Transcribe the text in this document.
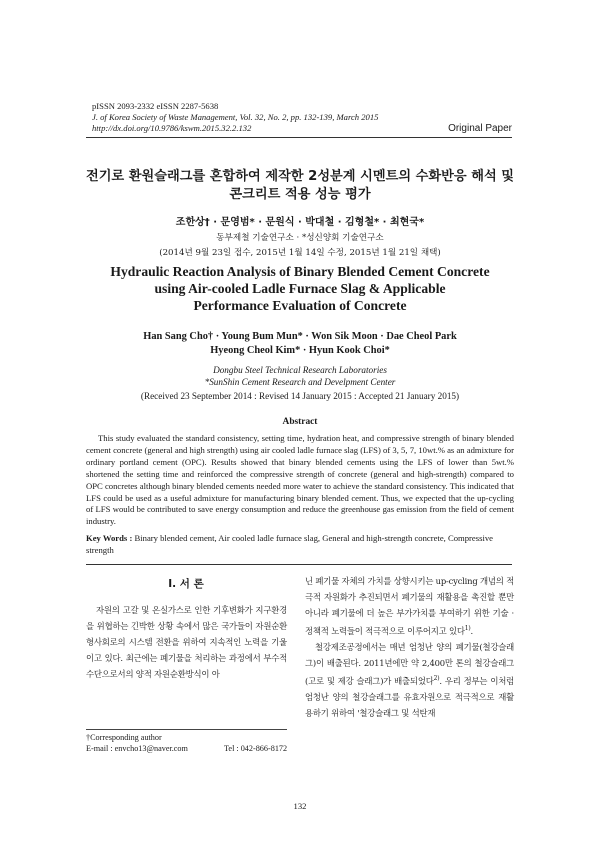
pISSN 2093-2332 eISSN 2287-5638
J. of Korea Society of Waste Management, Vol. 32, No. 2, pp. 132-139, March 2015
http://dx.doi.org/10.9786/kswm.2015.32.2.132	Original Paper
전기로 환원슬래그를 혼합하여 제작한 2성분계 시멘트의 수화반응 해석 및
콘크리트 적용 성능 평가
조한상† · 문영범* · 문원식 · 박대철 · 김형철* · 최현국*
동부제철 기술연구소 · *성신양회 기술연구소
(2014년 9월 23일 접수, 2015년 1월 14일 수정, 2015년 1월 21일 채택)
Hydraulic Reaction Analysis of Binary Blended Cement Concrete
using Air-cooled Ladle Furnace Slag & Applicable
Performance Evaluation of Concrete
Han Sang Cho† · Young Bum Mun* · Won Sik Moon · Dae Cheol Park
Hyeong Cheol Kim* · Hyun Kook Choi*
Dongbu Steel Technical Research Laboratories
*SunShin Cement Research and Develpment Center
(Received 23 September 2014 : Revised 14 January 2015 : Accepted 21 January 2015)
Abstract
This study evaluated the standard consistency, setting time, hydration heat, and compressive strength of binary blended cement concrete (general and high strength) using air cooled ladle furnace slag (LFS) of 3, 5, 7, 10wt.% as an admixture for ordinary portland cement (OPC). Results showed that binary blended cements using the LFS of lower than 5wt.% shortened the setting time and reinforced the compressive strength of concrete (general and high-strength) compared to OPC concretes although binary blended cements needed more water to achieve the standard consistency. This indicated that LFS could be used as a useful admixture for manufacturing binary blended cement. Thus, we expected that the up-cycling of LFS would be contributed to save energy consumption and reduce the greenhouse gas emission from the field of cement industry.
Key Words : Binary blended cement, Air cooled ladle furnace slag, General and high-strength concrete, Compressive strength
I. 서 론
자원의 고갈 및 온실가스로 인한 기후변화가 지구환경을 위협하는 긴박한 상황 속에서 많은 국가들이 자원순환형사회로의 시스템 전환을 위하여 지속적인 노력을 기울이고 있다. 최근에는 폐기물을 처리하는 과정에서 부수적 수단으로서의 양적 자원순환방식이 아

닌 폐기물 자체의 가치를 상향시키는 up-cycling 개념의 적극적 자원화가 추진되면서 폐기물의 재활용을 촉진할 뿐만 아니라 폐기물에 더 높은 부가가치를 부여하기 위한 기술 · 정책적 노력들이 적극적으로 이루어지고 있다$^{1)}$.

철강제조공정에서는 매년 엄청난 양의 폐기물(철강슬래그)이 배출된다. 2011년에만 약 2,400만 톤의 철강슬래그(고로 및 제강 슬래그)가 배출되었다$^{2)}$. 우리 정부는 이처럼 엄청난 양의 철강슬래그를 유효자원으로 적극적으로 재활용하기 위하여 '철강슬래그 및 석탄재

†Corresponding author
E-mail : envcho13@naver.com	Tel : 042-866-8172
132
